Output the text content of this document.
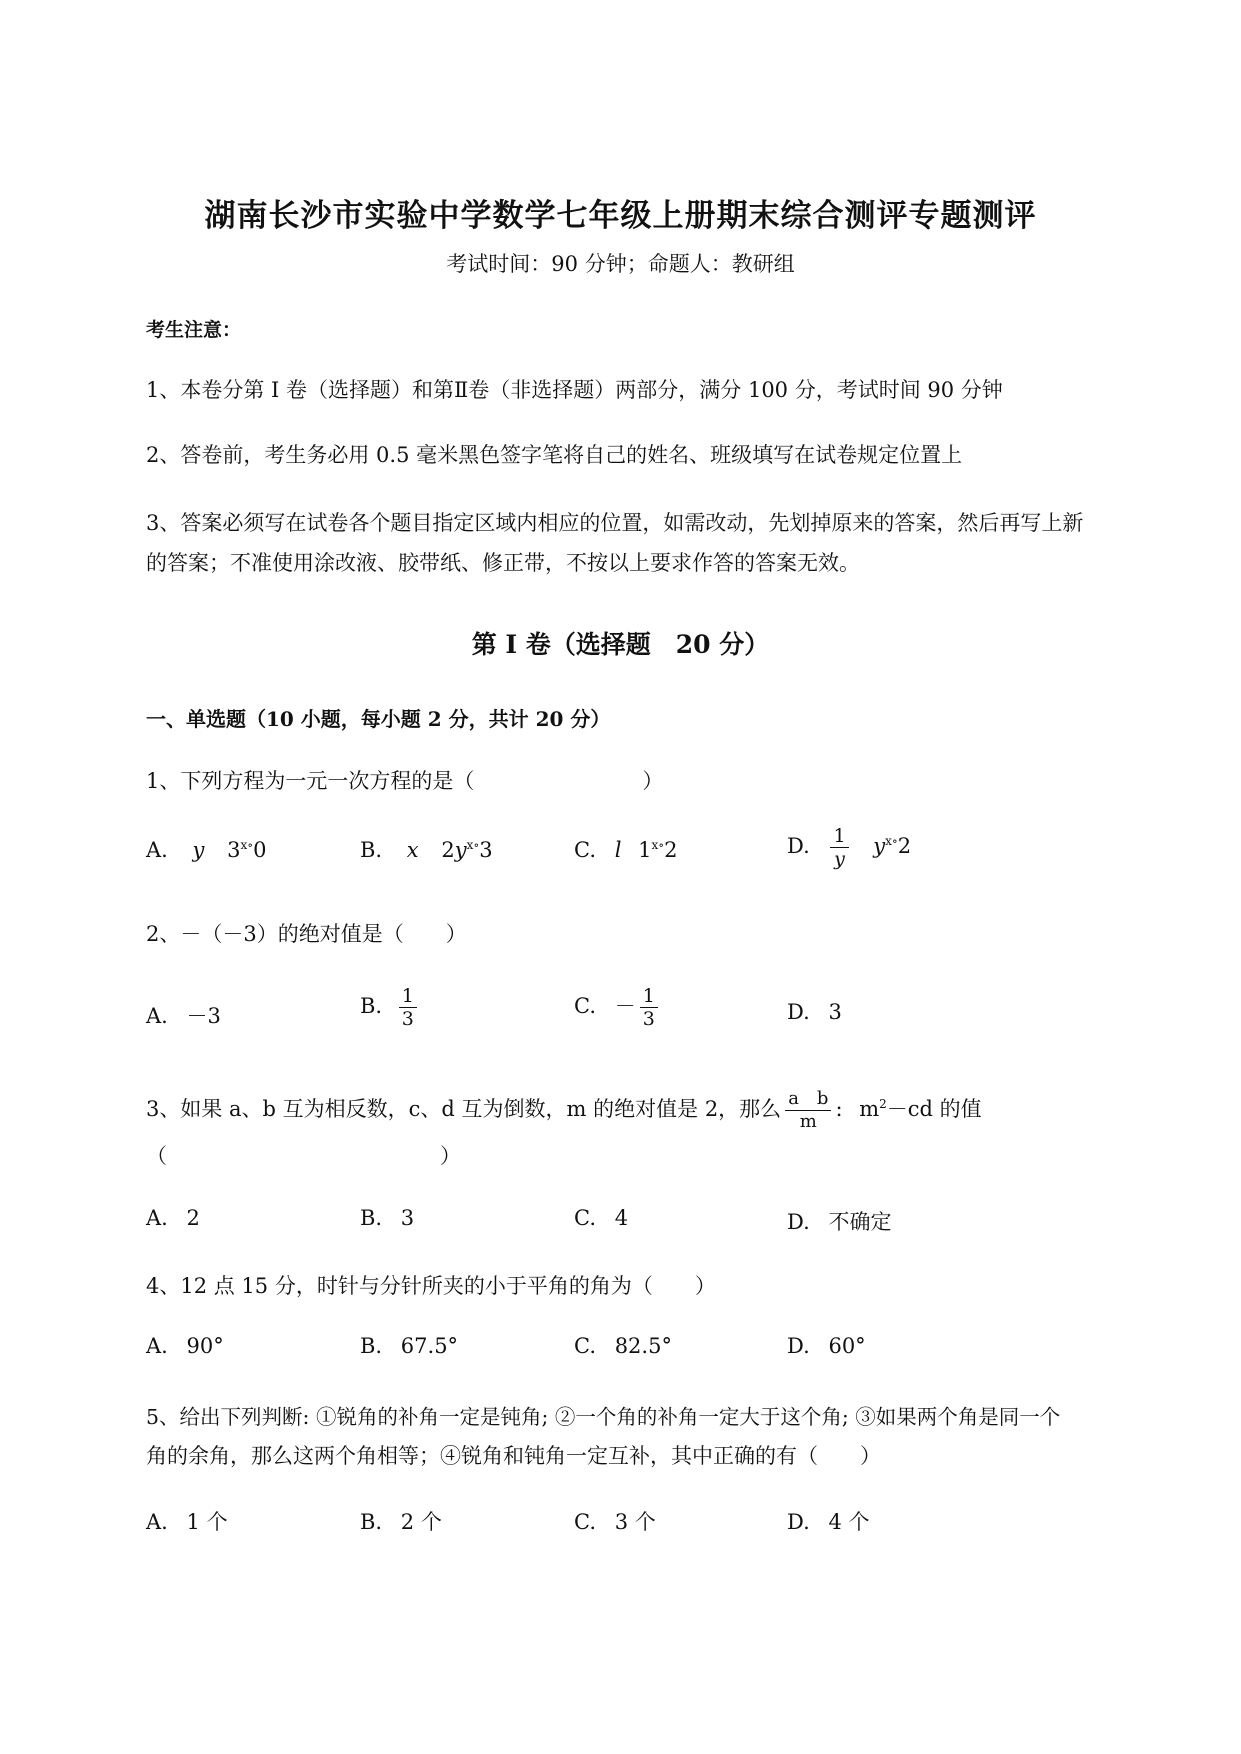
湖南长沙市实验中学数学七年级上册期末综合测评专题测评
考试时间：90 分钟；命题人：教研组
考生注意：
1、本卷分第 I 卷（选择题）和第Ⅱ卷（非选择题）两部分，满分 100 分，考试时间 90 分钟
2、答卷前，考生务必用 0.5 毫米黑色签字笔将自己的姓名、班级填写在试卷规定位置上
3、答案必须写在试卷各个题目指定区域内相应的位置，如需改动，先划掉原来的答案，然后再写上新
的答案；不准使用涂改液、胶带纸、修正带，不按以上要求作答的答案无效。
第 I 卷（选择题　20 分）
一、单选题（10 小题，每小题 2 分，共计 20 分）
1、下列方程为一元一次方程的是（　　　　　　　　）
A. y $3^{x\circ}0$	B. x $2y^{x\circ}3$	C. l $1^{x\circ}2$	D. $\frac{1}{y} y^{x\circ}2$
2、－（－3）的绝对值是（　　）
A. －3	B. $\frac{1}{3}$	C. － $\frac{1}{3}$	D. 3
3、如果 a、b 互为相反数，c、d 互为倒数，m 的绝对值是 2，那么 $\frac{\text{a　b}}{m}$ : $m^2-cd$ 的值
（　　　　　　　　　　　　　）
A. 2	B. 3	C. 4	D. 不确定
4、12 点 15 分，时针与分针所夹的小于平角的角为（　　）
A. 90°	B. 67.5°	C. 82.5°	D. 60°
5、给出下列判断: ①锐角的补角一定是钝角; ②一个角的补角一定大于这个角; ③如果两个角是同一个
角的余角，那么这两个角相等；④锐角和钝角一定互补，其中正确的有（　　）
A. 1 个	B. 2 个	C. 3 个	D. 4 个
